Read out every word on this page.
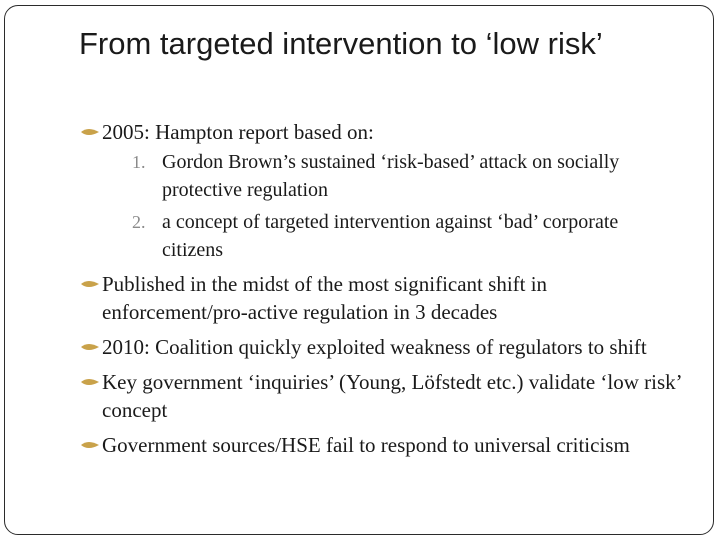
From targeted intervention to ‘low risk’
2005: Hampton report based on:
1. Gordon Brown’s sustained ‘risk-based’ attack on socially protective regulation
2. a concept of targeted intervention against ‘bad’ corporate citizens
Published in the midst of the most significant shift in enforcement/pro-active regulation in 3 decades
2010: Coalition quickly exploited weakness of regulators to shift
Key government ‘inquiries’ (Young, Löfstedt etc.) validate ‘low risk’ concept
Government sources/HSE fail to respond to universal criticism
